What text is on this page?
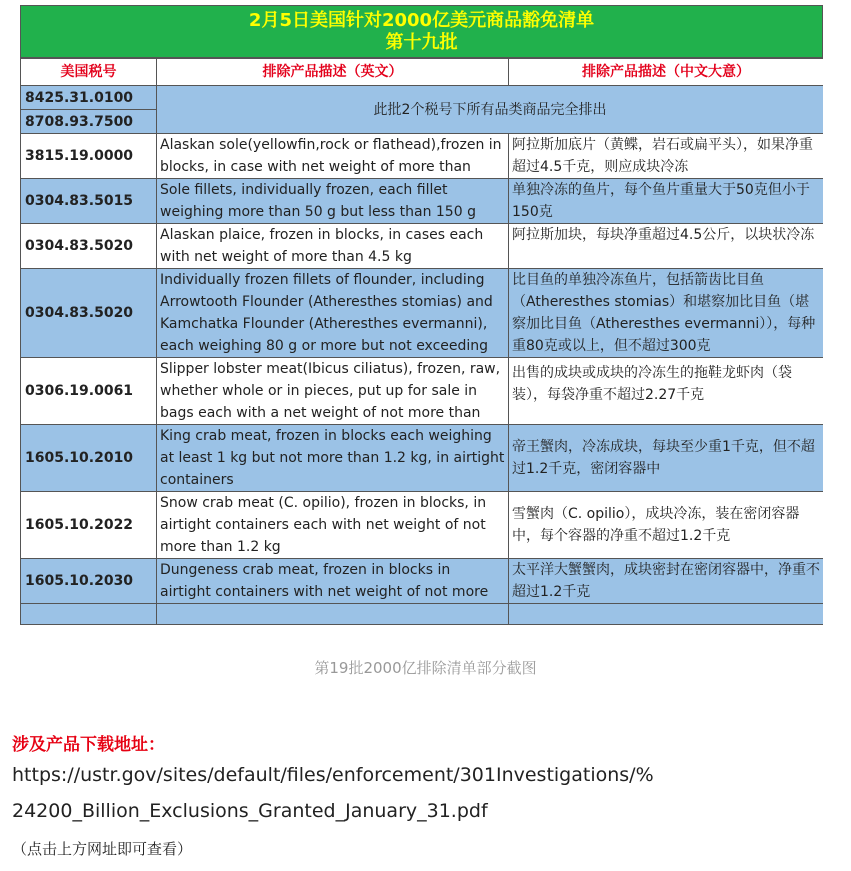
2月5日美国针对2000亿美元商品豁免清单
第十九批
美国税号	排除产品描述（英文）	排除产品描述（中文大意）
8425.31.0100	此批2个税号下所有品类商品完全排出	
8708.93.7500		
3815.19.0000	Alaskan sole(yellowfin,rock or flathead),frozen in blocks, in case with net weight of more than	阿拉斯加底片（黄鲽，岩石或扁平头），如果净重超过4.5千克，则应成块冷冻

0304.83.5015	Sole fillets, individually frozen, each fillet weighing more than 50 g but less than 150 g	单独冷冻的鱼片，每个鱼片重量大于50克但小于150克

0304.83.5020	Alaskan plaice, frozen in blocks, in cases each with net weight of more than 4.5 kg	阿拉斯加块，每块净重超过4.5公斤，以块状冷冻

0304.83.5020	Individually frozen fillets of flounder, including Arrowtooth Flounder (Atheresthes stomias) and Kamchatka Flounder (Atheresthes evermanni), each weighing 80 g or more but not exceeding	比目鱼的单独冷冻鱼片，包括箭齿比目鱼（Atheresthes stomias）和堪察加比目鱼（堪察加比目鱼（Atheresthes evermanni）），每种重80克或以上，但不超过300克

0306.19.0061	Slipper lobster meat(Ibicus ciliatus), frozen, raw, whether whole or in pieces, put up for sale in bags each with a net weight of not more than	出售的成块或成块的冷冻生的拖鞋龙虾肉（袋装），每袋净重不超过2.27千克

1605.10.2010	King crab meat, frozen in blocks each weighing at least 1 kg but not more than 1.2 kg, in airtight containers	帝王蟹肉，冷冻成块，每块至少重1千克，但不超过1.2千克，密闭容器中

1605.10.2022	Snow crab meat (C. opilio), frozen in blocks, in airtight containers each with net weight of not more than 1.2 kg	雪蟹肉（C. opilio），成块冷冻，装在密闭容器中，每个容器的净重不超过1.2千克

1605.10.2030	Dungeness crab meat, frozen in blocks in airtight containers with net weight of not more	太平洋大蟹蟹肉，成块密封在密闭容器中，净重不超过1.2千克

第19批2000亿排除清单部分截图
涉及产品下载地址：
https://ustr.gov/sites/default/files/enforcement/301Investigations/%
24200_Billion_Exclusions_Granted_January_31.pdf
（点击上方网址即可查看）
